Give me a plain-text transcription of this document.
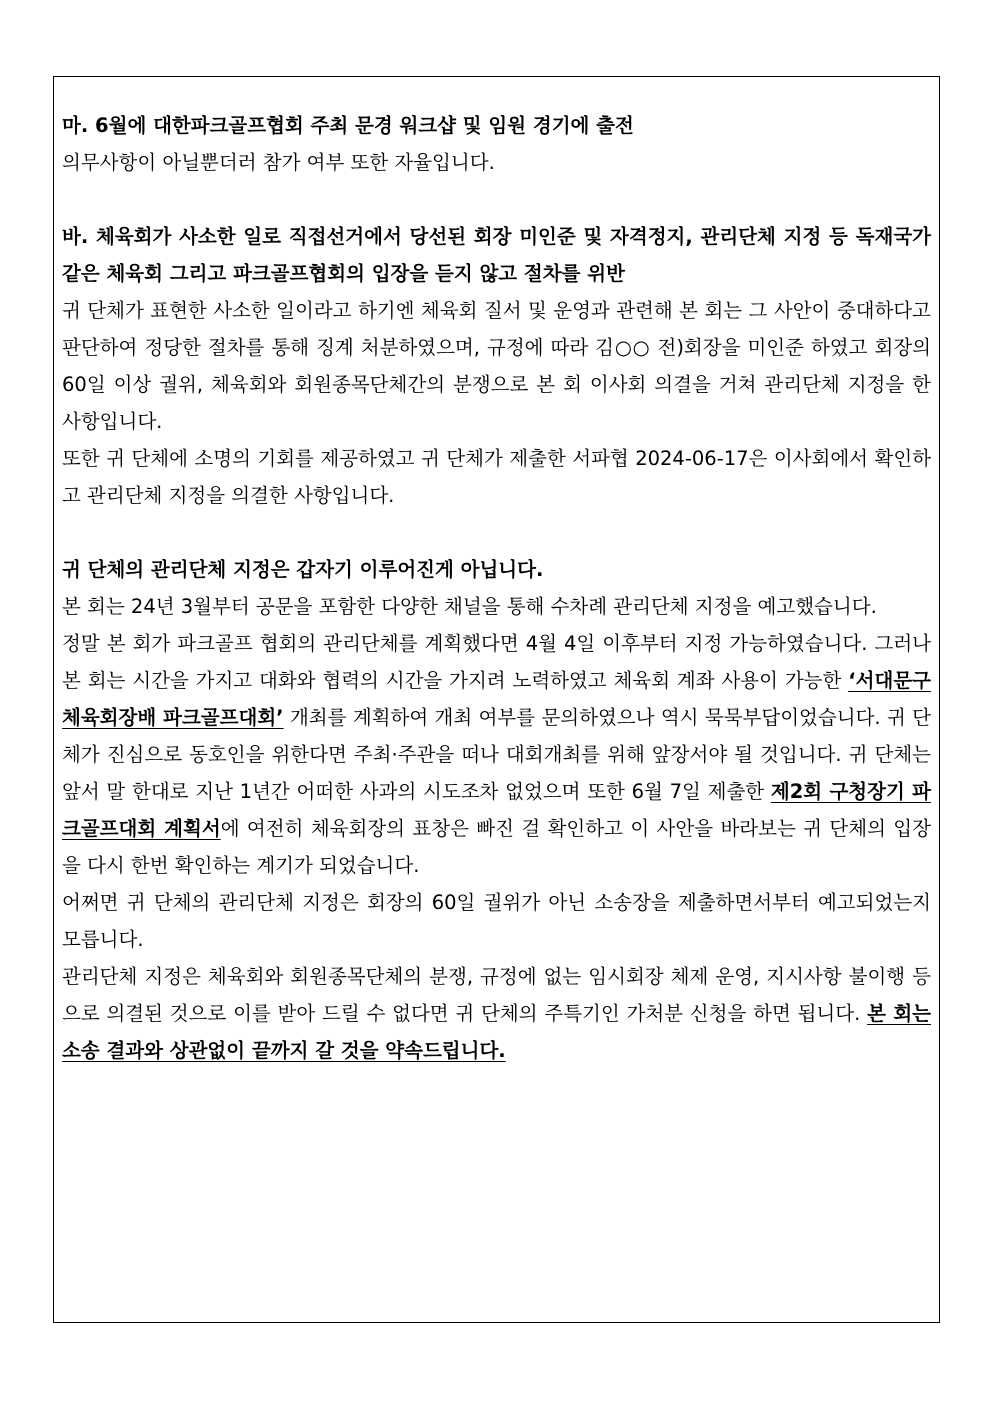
마. 6월에 대한파크골프협회 주최 문경 워크샵 및 임원 경기에 출전

의무사항이 아닐뿐더러 참가 여부 또한 자율입니다.

바. 체육회가 사소한 일로 직접선거에서 당선된 회장 미인준 및 자격정지, 관리단체 지정 등 독재국가 같은 체육회 그리고 파크골프협회의 입장을 듣지 않고 절차를 위반

귀 단체가 표현한 사소한 일이라고 하기엔 체육회 질서 및 운영과 관련해 본 회는 그 사안이 중대하다고 판단하여 정당한 절차를 통해 징계 처분하였으며, 규정에 따라 김○○ 전)회장을 미인준 하였고 회장의 60일 이상 궐위, 체육회와 회원종목단체간의 분쟁으로 본 회 이사회 의결을 거쳐 관리단체 지정을 한 사항입니다.

또한 귀 단체에 소명의 기회를 제공하였고 귀 단체가 제출한 서파협 2024-06-17은 이사회에서 확인하고 관리단체 지정을 의결한 사항입니다.

귀 단체의 관리단체 지정은 갑자기 이루어진게 아닙니다.

본 회는 24년 3월부터 공문을 포함한 다양한 채널을 통해 수차례 관리단체 지정을 예고했습니다.

정말 본 회가 파크골프 협회의 관리단체를 계획했다면 4월 4일 이후부터 지정 가능하였습니다. 그러나 본 회는 시간을 가지고 대화와 협력의 시간을 가지려 노력하였고 체육회 계좌 사용이 가능한 ‘서대문구체육회장배 파크골프대회’ 개최를 계획하여 개최 여부를 문의하였으나 역시 묵묵부답이었습니다. 귀 단체가 진심으로 동호인을 위한다면 주최·주관을 떠나 대회개최를 위해 앞장서야 될 것입니다. 귀 단체는 앞서 말 한대로 지난 1년간 어떠한 사과의 시도조차 없었으며 또한 6월 7일 제출한 제2회 구청장기 파크골프대회 계획서에 여전히 체육회장의 표창은 빠진 걸 확인하고 이 사안을 바라보는 귀 단체의 입장을 다시 한번 확인하는 계기가 되었습니다.

어쩌면 귀 단체의 관리단체 지정은 회장의 60일 궐위가 아닌 소송장을 제출하면서부터 예고되었는지 모릅니다.

관리단체 지정은 체육회와 회원종목단체의 분쟁, 규정에 없는 임시회장 체제 운영, 지시사항 불이행 등으로 의결된 것으로 이를 받아 드릴 수 없다면 귀 단체의 주특기인 가처분 신청을 하면 됩니다. 본 회는 소송 결과와 상관없이 끝까지 갈 것을 약속드립니다.
